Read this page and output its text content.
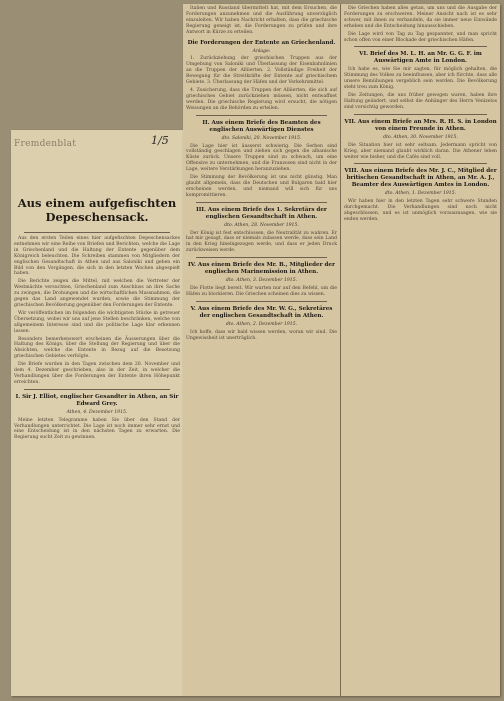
Fremdenblat	1/5
Aus einem aufgefischten Depeschensack.

Aus den ersten Teilen eines hier aufgefischten Depeschensackes entnehmen wir eine Reihe von Briefen und Berichten, welche die Lage in Griechenland und die Haltung der Entente gegenüber dem Königreich beleuchten. Die Schreiben stammen von Mitgliedern der englischen Gesandtschaft in Athen und aus Saloniki und geben ein Bild von den Vorgängen, die sich in den letzten Wochen abgespielt haben.

Die Berichte zeigen die Mittel, mit welchen die Vertreter der Westmächte versuchten, Griechenland zum Anschluss an ihre Sache zu zwingen, die Drohungen und die wirtschaftlichen Massnahmen, die gegen das Land angewendet wurden, sowie die Stimmung der griechischen Bevölkerung gegenüber den Forderungen der Entente.

Wir veröffentlichen im folgenden die wichtigsten Stücke in getreuer Übersetzung, wobei wir uns auf jene Stellen beschränken, welche von allgemeinem Interesse sind und die politische Lage klar erkennen lassen.

Besonders bemerkenswert erscheinen die Äusserungen über die Haltung des Königs, über die Stellung der Regierung und über die Absichten, welche die Entente in Bezug auf die Besetzung griechischen Gebietes verfolgte.

Die Briefe wurden in den Tagen zwischen dem 20. November und dem 4. Dezember geschrieben, also in der Zeit, in welcher die Verhandlungen über die Forderungen der Entente ihren Höhepunkt erreichten.

I. Sir J. Elliot, englischer Gesandter in Athen, an Sir Edward Grey.
Athen, 4. Dezember 1915.

Meine letzten Telegramme haben Sie über den Stand der Verhandlungen unterrichtet. Die Lage ist noch immer sehr ernst und eine Entscheidung ist in den nächsten Tagen zu erwarten. Die Regierung sucht Zeit zu gewinnen.

Italien und Russland übermittelt hat, mit dem Ersuchen, die Forderungen anzunehmen und die Ausführung unverzüglich einzuleiten. Wir haben Nachricht erhalten, dass die griechische Regierung geneigt ist, die Forderungen zu prüfen und ihre Antwort in Kürze zu erteilen.

Die Forderungen der Entente an Griechenland.
Anlage:

1. Zurückziehung der griechischen Truppen aus der Umgebung von Saloniki und Überlassung der Eisenbahnlinien an die Truppen der Alliierten. 2. Vollständige Freiheit der Bewegung für die Streitkräfte der Entente auf griechischem Gebiete. 3. Überlassung der Häfen und der Verkehrsmittel.

4. Zusicherung, dass die Truppen der Alliierten, die sich auf griechisches Gebiet zurückziehen müssen, nicht entwaffnet werden. Die griechische Regierung wird ersucht, die nötigen Weisungen an die Behörden zu erteilen.

II. Aus einem Briefe des Beamten des englischen Auswärtigen Dienstes
dto. Saloniki, 20. November 1915.

Die Lage hier ist äusserst schwierig. Die Serben sind vollständig geschlagen und ziehen sich gegen die albanische Küste zurück. Unsere Truppen sind zu schwach, um eine Offensive zu unternehmen, und die Franzosen sind nicht in der Lage, weitere Verstärkungen heranzuziehen.

Die Stimmung der Bevölkerung ist uns nicht günstig. Man glaubt allgemein, dass die Deutschen und Bulgaren bald hier erscheinen werden, und niemand will sich für uns kompromittieren.

III. Aus einem Briefe des 1. Sekretärs der englischen Gesandtschaft in Athen.
dto. Athen, 28. November 1915.

Der König ist fest entschlossen, die Neutralität zu wahren. Er hat mir gesagt, dass er niemals zulassen werde, dass sein Land in den Krieg hineingezogen werde, und dass er jeden Druck zurückweisen werde.

IV. Aus einem Briefe des Mr. B., Mitglieder der englischen Marinemission in Athen.
dto. Athen, 3. Dezember 1915.

Die Flotte liegt bereit. Wir warten nur auf den Befehl, um die Häfen zu blockieren. Die Griechen scheinen dies zu wissen.

V. Aus einem Briefe des Mr. W. G., Sekretäres der englischen Gesandtschaft in Athen.
dto. Athen, 2. Dezember 1915.

Ich hoffe, dass wir bald wissen werden, woran wir sind. Die Ungewissheit ist unerträglich.

Die Griechen haben alles getan, um uns und die Ausgabe der Forderungen zu erschweren. Meiner Ansicht nach ist es sehr schwer, mit ihnen zu verhandeln, da sie immer neue Einwände erheben und die Entscheidung hinausschieben.

Die Lage wird von Tag zu Tag gespannter, und man spricht schon offen von einer Blockade der griechischen Häfen.

VI. Brief des M. L. H. an Mr. G. G. F. im Auswärtigen Amte in London.

Ich habe es, wie Sie mir sagten, für möglich gehalten, die Stimmung des Volkes zu beeinflussen, aber ich fürchte, dass alle unsere Bemühungen vergeblich sein werden. Die Bevölkerung steht treu zum König.

Die Zeitungen, die uns früher gewogen waren, haben ihre Haltung geändert, und selbst die Anhänger des Herrn Venizelos sind vorsichtig geworden.

VII. Aus einem Briefe an Mrs. R. H. S. in London von einem Freunde in Athen.
dto. Athen, 30. November 1915.

Die Situation hier ist sehr seltsam. Jedermann spricht von Krieg, aber niemand glaubt wirklich daran. Die Athener leben weiter wie bisher, und die Cafés sind voll.

VIII. Aus einem Briefe des Mr. J. C., Mitglied der britischen Gesandtschaft in Athen, an Mr. A. J., Beamter des Auswärtigen Amtes in London.
dto. Athen, 1. Dezember 1915.

Wir haben hier in den letzten Tagen sehr schwere Stunden durchgemacht. Die Verhandlungen sind noch nicht abgeschlossen, und es ist unmöglich vorauszusagen, wie sie enden werden.
